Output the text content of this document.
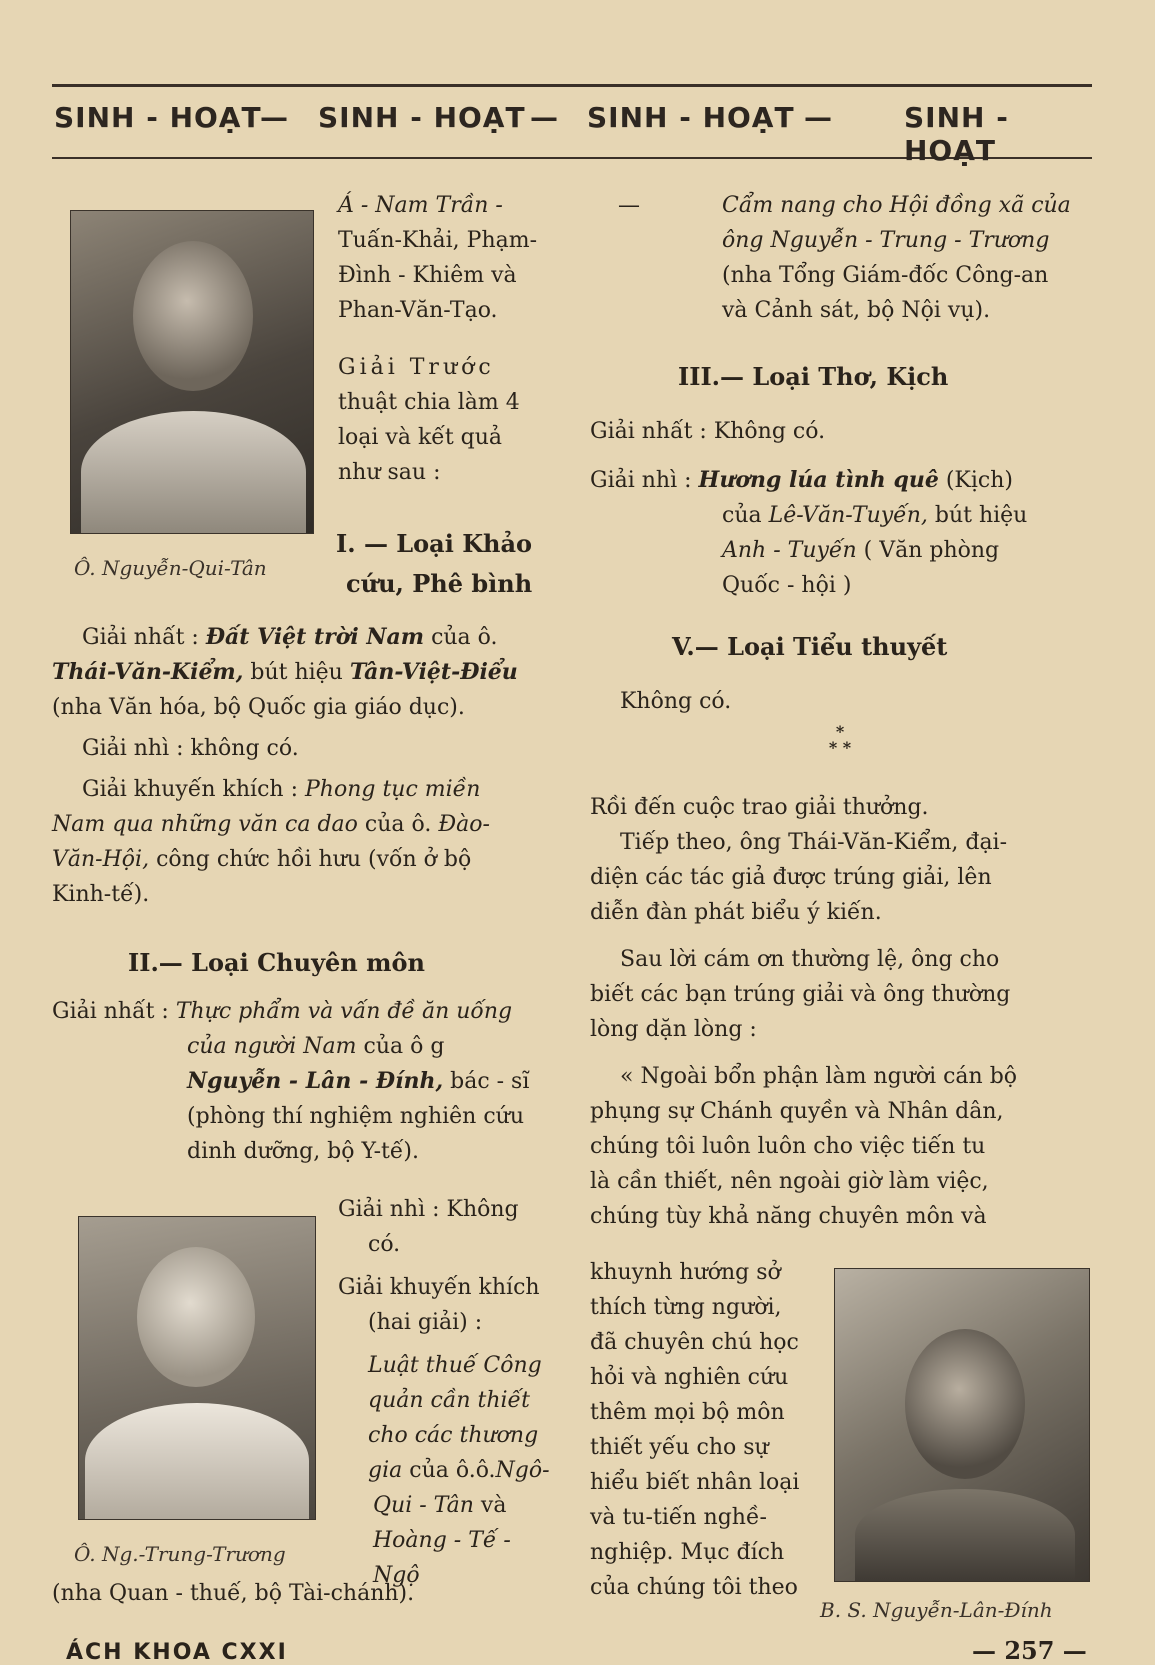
SINH - HOẠT
— SINH - HOẠT — SINH - HOẠT —	SINH - HOẠT
Ô. Nguyễn-Qui-Tân
Á - Nam Trần -
Tuấn-Khải, Phạm-
Đình - Khiêm và
Phan-Văn-Tạo.
Giải Trước
thuật chia làm 4
loại và kết quả
như sau :
I. — Loại Khảo
cứu, Phê bình
Giải nhất : Đất Việt trời Nam của ô.
Thái-Văn-Kiểm, bút hiệu Tân-Việt-Điểu
(nha Văn hóa, bộ Quốc gia giáo dục).
Giải nhì : không có.
Giải khuyến khích : Phong tục miền
Nam qua những văn ca dao của ô. Đào-
Văn-Hội, công chức hồi hưu (vốn ở bộ
Kinh-tế).
II.— Loại Chuyên môn
Giải nhất : Thực phẩm và vấn đề ăn uống
của người Nam của ô g
Nguyễn - Lân - Đính, bác - sĩ
(phòng thí nghiệm nghiên cứu
dinh dưỡng, bộ Y-tế).
Ô. Ng.-Trung-Trương
Giải nhì : Không
có.
Giải khuyến khích
(hai giải) :
Luật thuế Công
quản cần thiết
cho các thương
gia của ô.ô.Ngô-
Qui - Tân và
Hoàng - Tế - Ngộ
(nha Quan - thuế, bộ Tài-chánh).
—	Cẩm nang cho Hội đồng xã của
ông Nguyễn - Trung - Trương
(nha Tổng Giám-đốc Công-an
và Cảnh sát, bộ Nội vụ).
III.— Loại Thơ, Kịch
Giải nhất : Không có.
Giải nhì : Hương lúa tình quê (Kịch)
của Lê-Văn-Tuyến, bút hiệu
Anh - Tuyến ( Văn phòng
Quốc - hội )
V.— Loại Tiểu thuyết
Không có.
*
* *
Rồi đến cuộc trao giải thưởng.
Tiếp theo, ông Thái-Văn-Kiểm, đại-
diện các tác giả được trúng giải, lên
diễn đàn phát biểu ý kiến.
Sau lời cám ơn thường lệ, ông cho
biết các bạn trúng giải và ông thường
lòng dặn lòng :
« Ngoài bổn phận làm người cán bộ
phụng sự Chánh quyền và Nhân dân,
chúng tôi luôn luôn cho việc tiến tu
là cần thiết, nên ngoài giờ làm việc,
chúng tùy khả năng chuyên môn và
khuynh hướng sở
thích từng người,
đã chuyên chú học
hỏi và nghiên cứu
thêm mọi bộ môn
thiết yếu cho sự
hiểu biết nhân loại
và tu-tiến nghề-
nghiệp. Mục đích
của chúng tôi theo
B. S. Nguyễn-Lân-Đính
ÁCH KHOA CXXI	— 257 —
